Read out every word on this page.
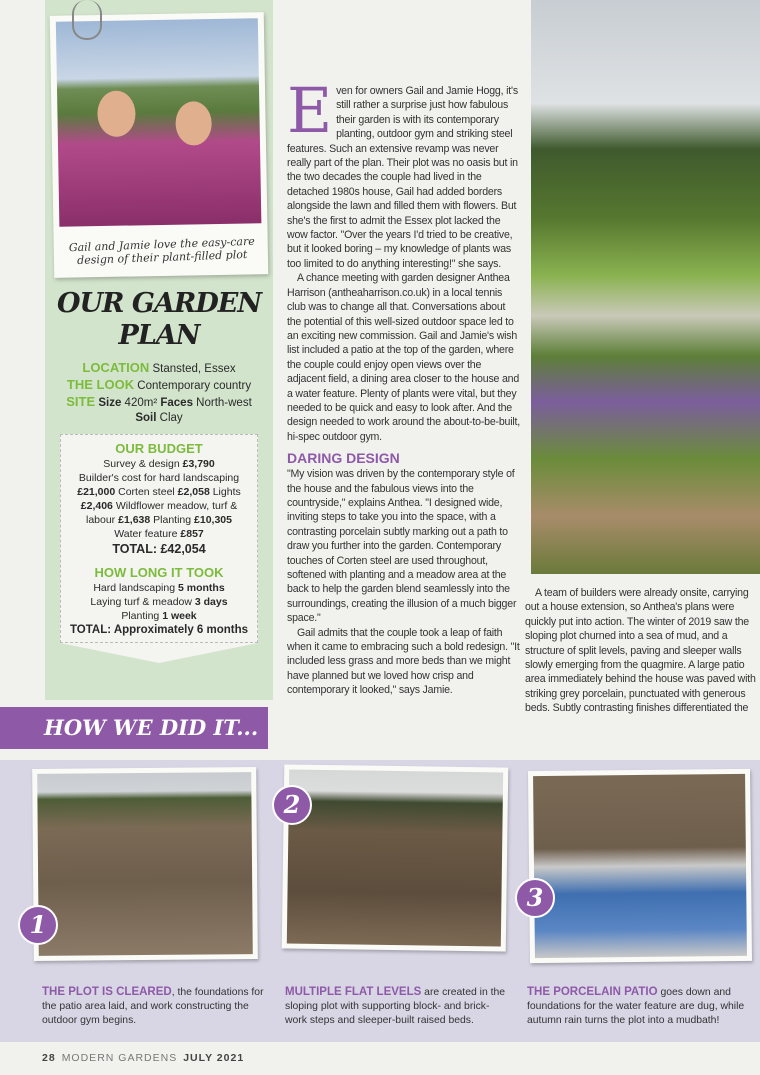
Gail and Jamie love the easy-care design of their plant-filled plot
OUR GARDEN PLAN
LOCATION Stansted, Essex
THE LOOK Contemporary country
SITE Size 420m² Faces North-west
Soil Clay
OUR BUDGET
Survey & design £3,790
Builder's cost for hard landscaping £21,000 Corten steel £2,058 Lights £2,406 Wildflower meadow, turf & labour £1,638 Planting £10,305
Water feature £857
TOTAL: £42,054
HOW LONG IT TOOK
Hard landscaping 5 months
Laying turf & meadow 3 days
Planting 1 week
TOTAL: Approximately 6 months
E ven for owners Gail and Jamie Hogg, it's still rather a surprise just how fabulous their garden is with its contemporary planting, outdoor gym and striking steel features. Such an extensive revamp was never really part of the plan. Their plot was no oasis but in the two decades the couple had lived in the detached 1980s house, Gail had added borders alongside the lawn and filled them with flowers. But she's the first to admit the Essex plot lacked the wow factor. "Over the years I'd tried to be creative, but it looked boring – my knowledge of plants was too limited to do anything interesting!" she says.

A chance meeting with garden designer Anthea Harrison (antheaharrison.co.uk) in a local tennis club was to change all that. Conversations about the potential of this well-sized outdoor space led to an exciting new commission. Gail and Jamie's wish list included a patio at the top of the garden, where the couple could enjoy open views over the adjacent field, a dining area closer to the house and a water feature. Plenty of plants were vital, but they needed to be quick and easy to look after. And the design needed to work around the about-to-be-built, hi-spec outdoor gym.

DARING DESIGN

"My vision was driven by the contemporary style of the house and the fabulous views into the countryside," explains Anthea. "I designed wide, inviting steps to take you into the space, with a contrasting porcelain subtly marking out a path to draw you further into the garden. Contemporary touches of Corten steel are used throughout, softened with planting and a meadow area at the back to help the garden blend seamlessly into the surroundings, creating the illusion of a much bigger space."

Gail admits that the couple took a leap of faith when it came to embracing such a bold redesign. "It included less grass and more beds than we might have planned but we loved how crisp and contemporary it looked," says Jamie.

A team of builders were already onsite, carrying out a house extension, so Anthea's plans were quickly put into action. The winter of 2019 saw the sloping plot churned into a sea of mud, and a structure of split levels, paving and sleeper walls slowly emerging from the quagmire. A large patio area immediately behind the house was paved with striking grey porcelain, punctuated with generous beds. Subtly contrasting finishes differentiated the

HOW WE DID IT...
1
2
3
THE PLOT IS CLEARED, the foundations for the patio area laid, and work constructing the outdoor gym begins.
MULTIPLE FLAT LEVELS are created in the sloping plot with supporting block- and brick-work steps and sleeper-built raised beds.
THE PORCELAIN PATIO goes down and foundations for the water feature are dug, while autumn rain turns the plot into a mudbath!
28 MODERN GARDENS JULY 2021
